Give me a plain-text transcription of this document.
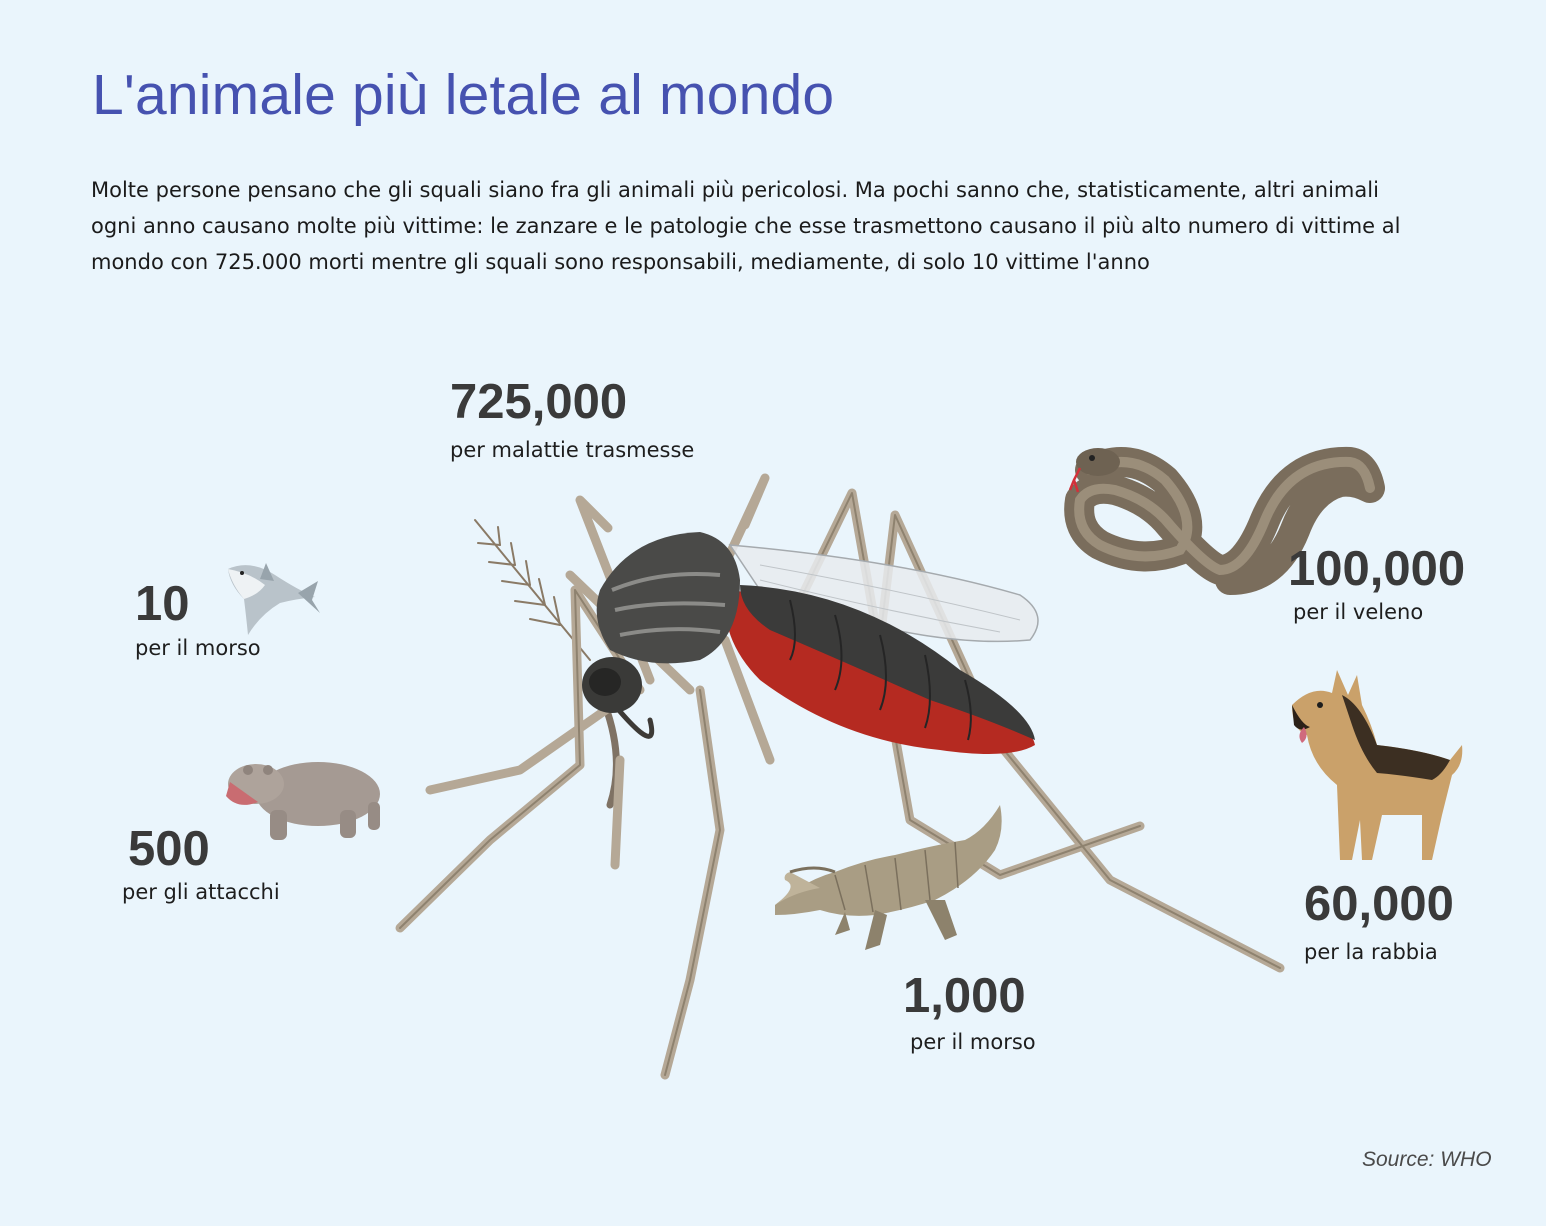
L'animale più letale al mondo

Molte persone pensano che gli squali siano fra gli animali più pericolosi. Ma pochi sanno che, statisticamente, altri animali ogni anno causano molte più vittime: le zanzare e le patologie che esse trasmettono causano il più alto numero di vittime al mondo con 725.000 morti mentre gli squali sono responsabili, mediamente, di solo 10 vittime l'anno

725,000
per malattie trasmesse
10
per il morso
500
per gli attacchi
100,000
per il veleno
60,000
per la rabbia
1,000
per il morso
Source: WHO
